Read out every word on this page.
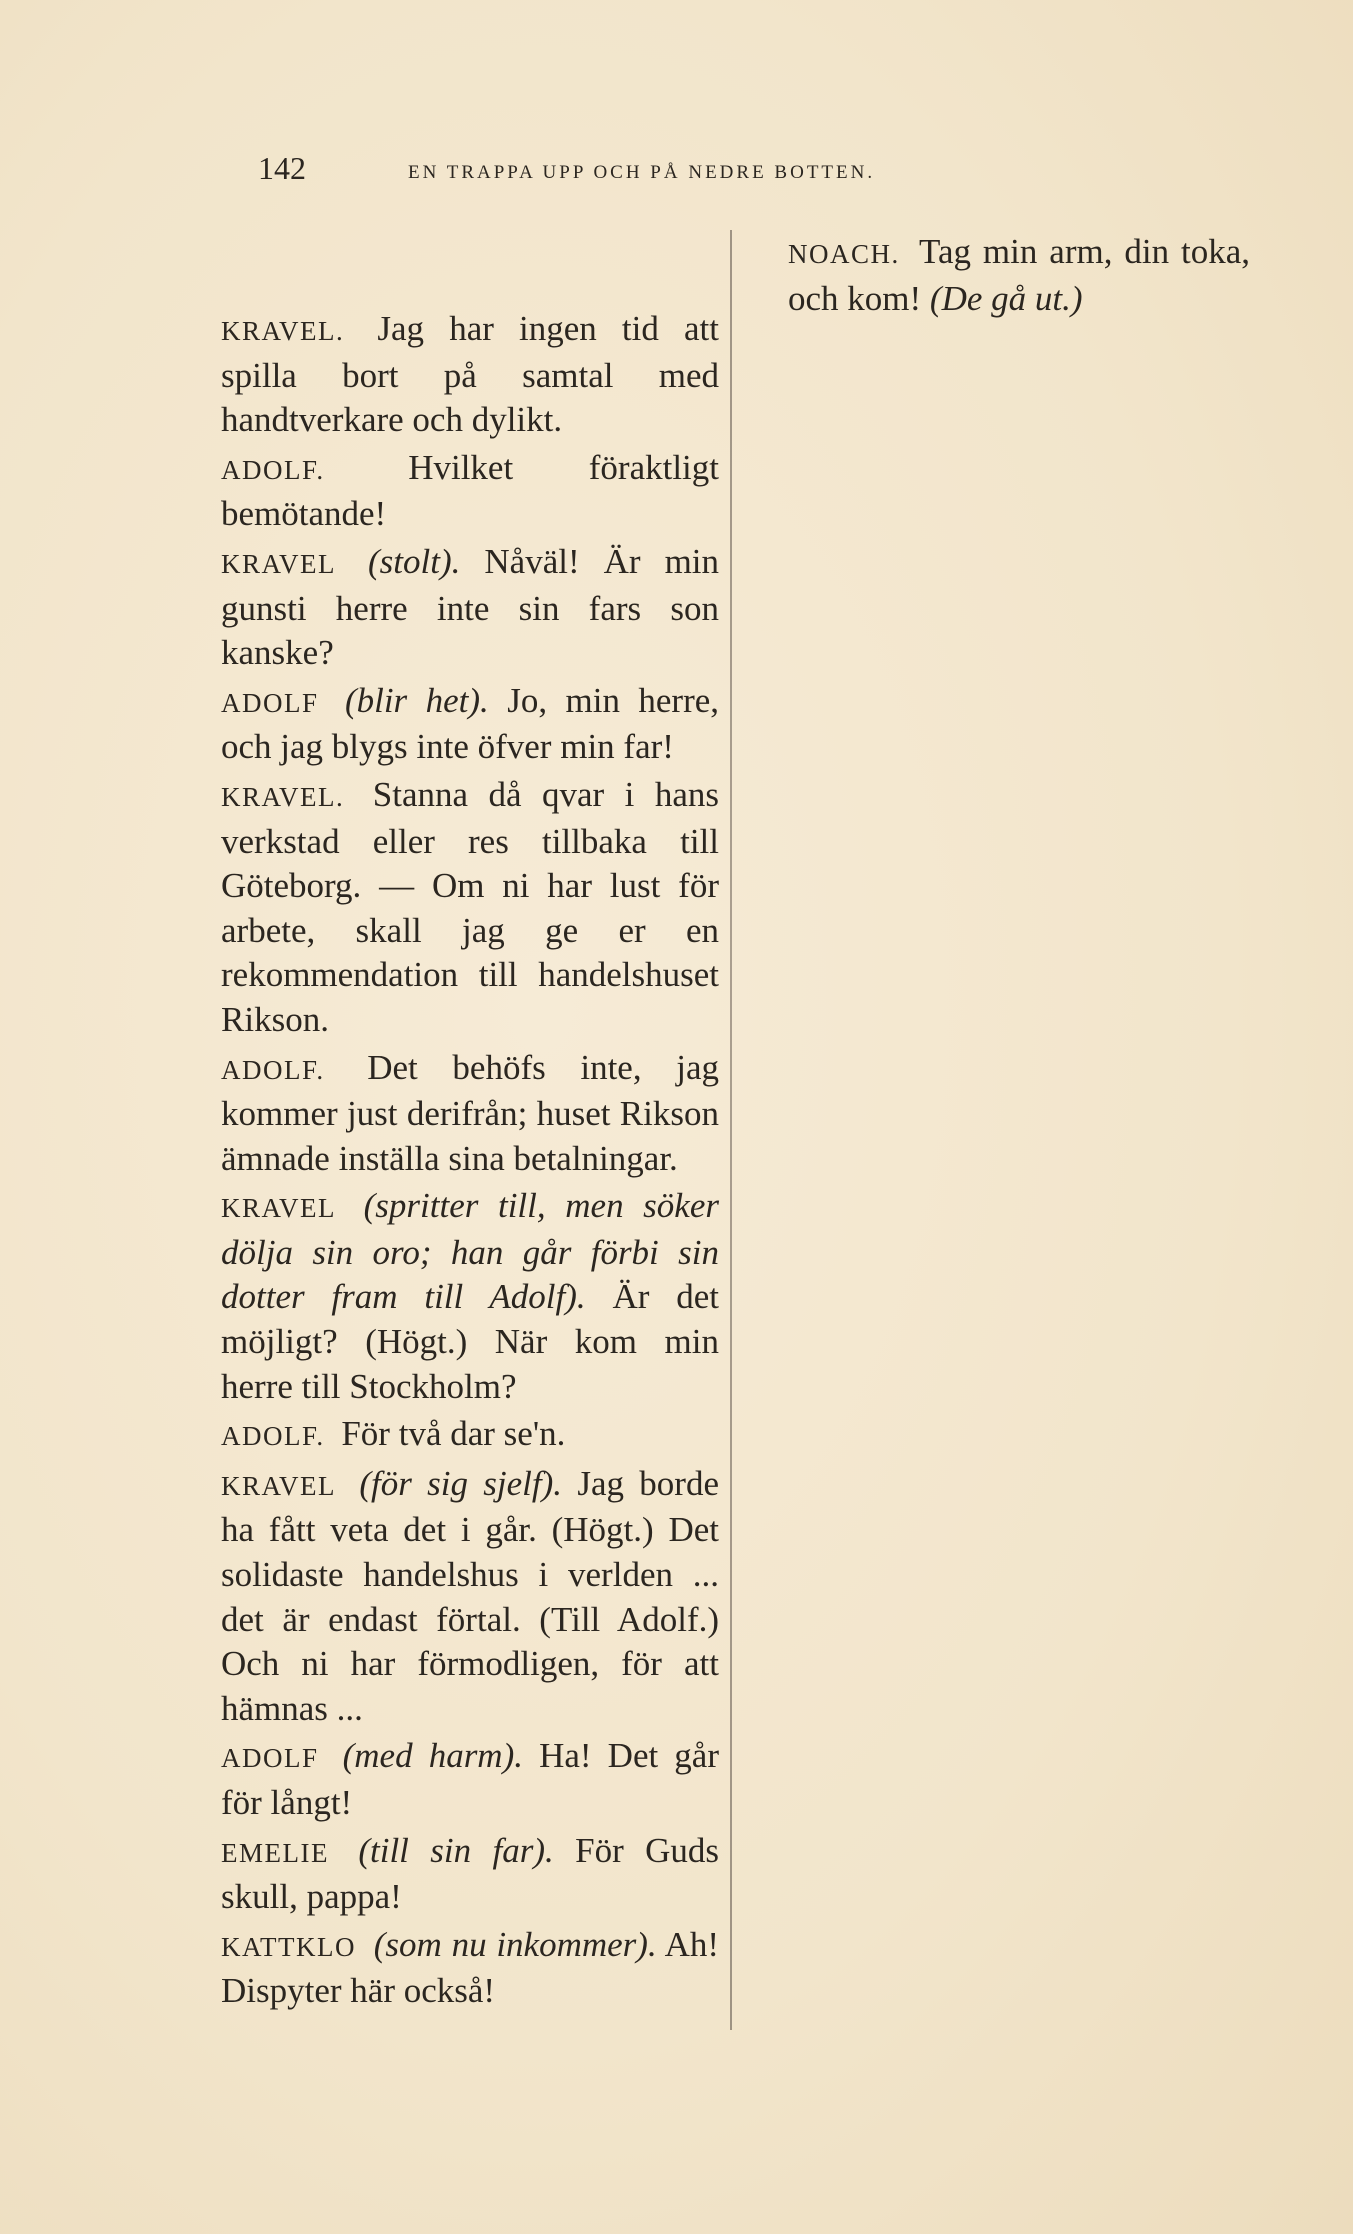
142	EN TRAPPA UPP OCH PÅ NEDRE BOTTEN.

KRAVEL. Jag har ingen tid att spilla bort på samtal med handtverkare och dylikt.

ADOLF. Hvilket föraktligt bemötande!

KRAVEL (stolt). Nåväl! Är min gunsti herre inte sin fars son kanske?

ADOLF (blir het). Jo, min herre, och jag blygs inte öfver min far!

KRAVEL. Stanna då qvar i hans verkstad eller res tillbaka till Göteborg. — Om ni har lust för arbete, skall jag ge er en rekommendation till handelshuset Rikson.

ADOLF. Det behöfs inte, jag kommer just derifrån; huset Rikson ämnade inställa sina betalningar.

KRAVEL (spritter till, men söker dölja sin oro; han går förbi sin dotter fram till Adolf). Är det möjligt? (Högt.) När kom min herre till Stockholm?

ADOLF. För två dar se'n.

KRAVEL (för sig sjelf). Jag borde ha fått veta det i går. (Högt.) Det solidaste handelshus i verlden ... det är endast förtal. (Till Adolf.) Och ni har förmodligen, för att hämnas ...

ADOLF (med harm). Ha! Det går för långt!

EMELIE (till sin far). För Guds skull, pappa!

KATTKLO (som nu inkommer). Ah! Dispyter här också!

NOACH. Tag min arm, din toka, och kom! (De gå ut.)
